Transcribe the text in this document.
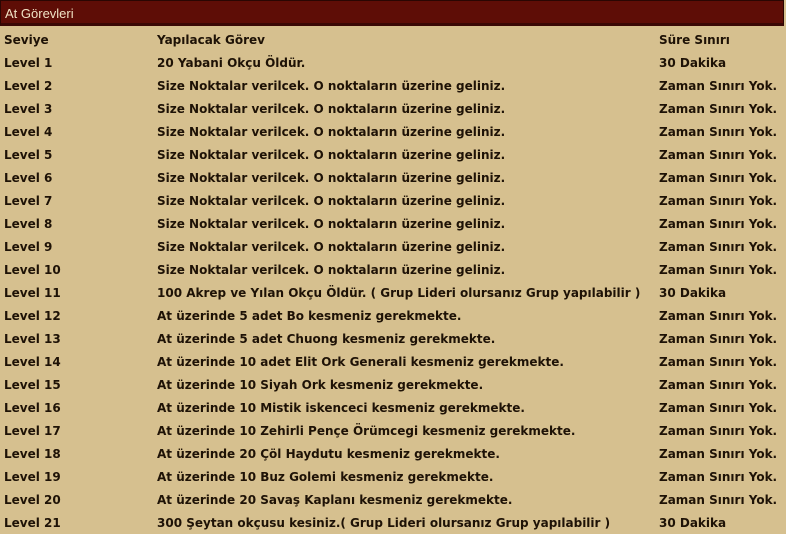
At Görevleri
Seviye	Yapılacak Görev	Süre Sınırı
Level 1	20 Yabani Okçu Öldür.	30 Dakika
Level 2	Size Noktalar verilcek. O noktaların üzerine geliniz.	Zaman Sınırı Yok.
Level 3	Size Noktalar verilcek. O noktaların üzerine geliniz.	Zaman Sınırı Yok.
Level 4	Size Noktalar verilcek. O noktaların üzerine geliniz.	Zaman Sınırı Yok.
Level 5	Size Noktalar verilcek. O noktaların üzerine geliniz.	Zaman Sınırı Yok.
Level 6	Size Noktalar verilcek. O noktaların üzerine geliniz.	Zaman Sınırı Yok.
Level 7	Size Noktalar verilcek. O noktaların üzerine geliniz.	Zaman Sınırı Yok.
Level 8	Size Noktalar verilcek. O noktaların üzerine geliniz.	Zaman Sınırı Yok.
Level 9	Size Noktalar verilcek. O noktaların üzerine geliniz.	Zaman Sınırı Yok.
Level 10	Size Noktalar verilcek. O noktaların üzerine geliniz.	Zaman Sınırı Yok.
Level 11	100 Akrep ve Yılan Okçu Öldür. ( Grup Lideri olursanız Grup yapılabilir )	30 Dakika
Level 12	At üzerinde 5 adet Bo kesmeniz gerekmekte.	Zaman Sınırı Yok.
Level 13	At üzerinde 5 adet Chuong kesmeniz gerekmekte.	Zaman Sınırı Yok.
Level 14	At üzerinde 10 adet Elit Ork Generali kesmeniz gerekmekte.	Zaman Sınırı Yok.
Level 15	At üzerinde 10 Siyah Ork kesmeniz gerekmekte.	Zaman Sınırı Yok.
Level 16	At üzerinde 10 Mistik iskenceci kesmeniz gerekmekte.	Zaman Sınırı Yok.
Level 17	At üzerinde 10 Zehirli Pençe Örümcegi kesmeniz gerekmekte.	Zaman Sınırı Yok.
Level 18	At üzerinde 20 Çöl Haydutu kesmeniz gerekmekte.	Zaman Sınırı Yok.
Level 19	At üzerinde 10 Buz Golemi kesmeniz gerekmekte.	Zaman Sınırı Yok.
Level 20	At üzerinde 20 Savaş Kaplanı kesmeniz gerekmekte.	Zaman Sınırı Yok.
Level 21	300 Şeytan okçusu kesiniz.( Grup Lideri olursanız Grup yapılabilir )	30 Dakika
